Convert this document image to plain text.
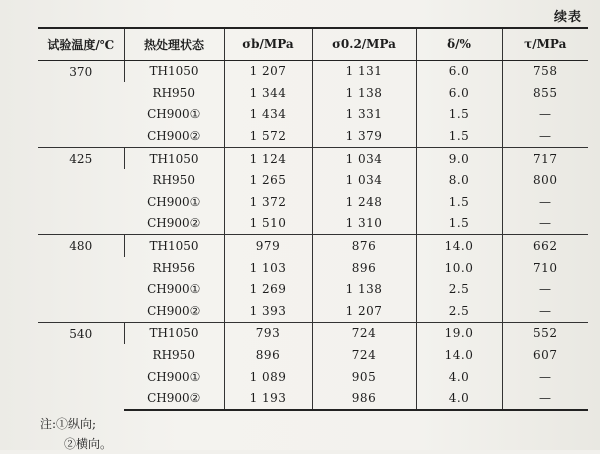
续表
试验温度/℃	热处理状态	σb/MPa	σ0.2/MPa	δ/%	τ/MPa
370	TH1050	1 207	1 131	6.0	758
	RH950	1 344	1 138	6.0	855
	CH900①	1 434	1 331	1.5	—
	CH900②	1 572	1 379	1.5	—
425	TH1050	1 124	1 034	9.0	717
	RH950	1 265	1 034	8.0	800
	CH900①	1 372	1 248	1.5	—
	CH900②	1 510	1 310	1.5	—
480	TH1050	979	876	14.0	662
	RH956	1 103	896	10.0	710
	CH900①	1 269	1 138	2.5	—
	CH900②	1 393	1 207	2.5	—
540	TH1050	793	724	19.0	552
	RH950	896	724	14.0	607
	CH900①	1 089	905	4.0	—
	CH900②	1 193	986	4.0	—
注:①纵向;
②横向。
